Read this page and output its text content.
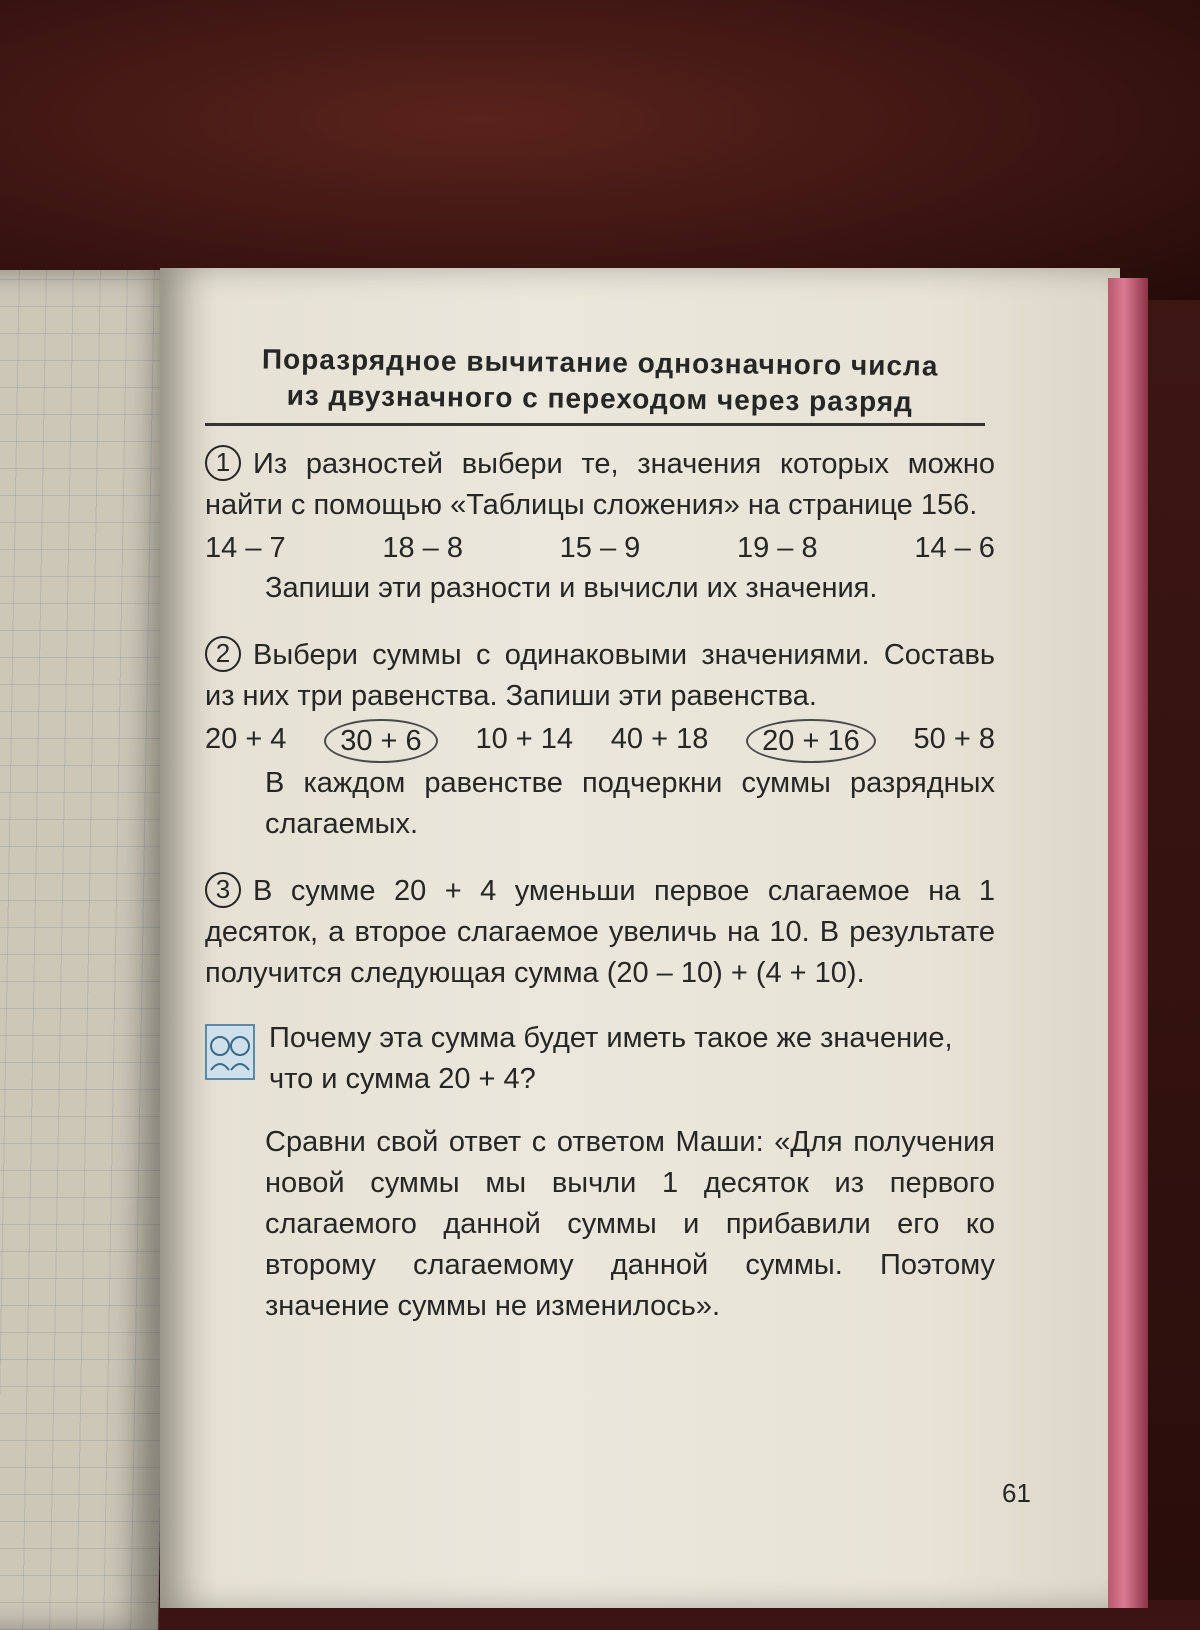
Поразрядное вычитание однозначного числа
из двузначного с переходом через разряд

1 Из разностей выбери те, значения которых можно найти с помощью «Таблицы сложения» на странице 156.

14 – 7	18 – 8	15 – 9	19 – 8	14 – 6

Запиши эти разности и вычисли их значения.

2 Выбери суммы с одинаковыми значениями. Составь из них три равенства. Запиши эти равенства.

20 + 4	30 + 6	10 + 14 40 + 18	20 + 16	50 + 8

В каждом равенстве подчеркни суммы разрядных слагаемых.

3 В сумме 20 + 4 уменьши первое слагаемое на 1 десяток, а второе слагаемое увеличь на 10. В результате получится следующая сумма (20 – 10) + (4 + 10).

Почему эта сумма будет иметь такое же значение, что и сумма 20 + 4?

Сравни свой ответ с ответом Маши: «Для получения новой суммы мы вычли 1 десяток из первого слагаемого данной суммы и прибавили его ко второму слагаемому данной суммы. Поэтому значение суммы не изменилось».

61
